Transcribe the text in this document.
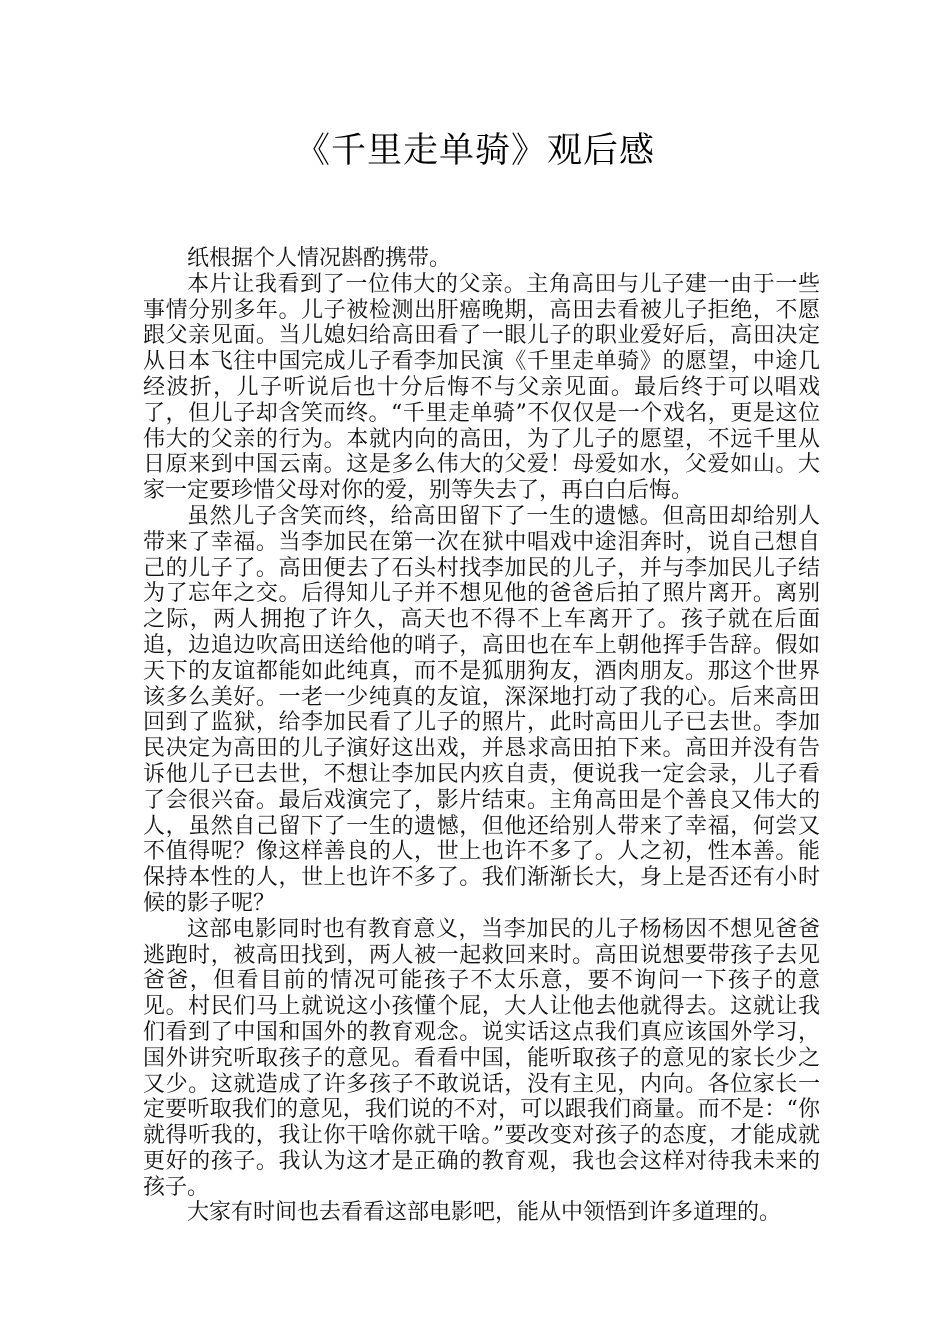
《千里走单骑》观后感

纸根据个人情况斟酌携带。

本片让我看到了一位伟大的父亲。主角高田与儿子建一由于一些事情分别多年。儿子被检测出肝癌晚期，高田去看被儿子拒绝，不愿跟父亲见面。当儿媳妇给高田看了一眼儿子的职业爱好后，高田决定从日本飞往中国完成儿子看李加民演《千里走单骑》的愿望，中途几经波折，儿子听说后也十分后悔不与父亲见面。最后终于可以唱戏了，但儿子却含笑而终。“千里走单骑”不仅仅是一个戏名，更是这位伟大的父亲的行为。本就内向的高田，为了儿子的愿望，不远千里从日原来到中国云南。这是多么伟大的父爱！母爱如水，父爱如山。大家一定要珍惜父母对你的爱，别等失去了，再白白后悔。

虽然儿子含笑而终，给高田留下了一生的遗憾。但高田却给别人带来了幸福。当李加民在第一次在狱中唱戏中途泪奔时，说自己想自己的儿子了。高田便去了石头村找李加民的儿子，并与李加民儿子结为了忘年之交。后得知儿子并不想见他的爸爸后拍了照片离开。离别之际，两人拥抱了许久，高天也不得不上车离开了。孩子就在后面追，边追边吹高田送给他的哨子，高田也在车上朝他挥手告辞。假如天下的友谊都能如此纯真，而不是狐朋狗友，酒肉朋友。那这个世界该多么美好。一老一少纯真的友谊，深深地打动了我的心。后来高田回到了监狱，给李加民看了儿子的照片，此时高田儿子已去世。李加民决定为高田的儿子演好这出戏，并恳求高田拍下来。高田并没有告诉他儿子已去世，不想让李加民内疚自责，便说我一定会录，儿子看了会很兴奋。最后戏演完了，影片结束。主角高田是个善良又伟大的人，虽然自己留下了一生的遗憾，但他还给别人带来了幸福，何尝又不值得呢？像这样善良的人，世上也许不多了。人之初，性本善。能保持本性的人，世上也许不多了。我们渐渐长大，身上是否还有小时候的影子呢？

这部电影同时也有教育意义，当李加民的儿子杨杨因不想见爸爸逃跑时，被高田找到，两人被一起救回来时。高田说想要带孩子去见爸爸，但看目前的情况可能孩子不太乐意，要不询问一下孩子的意见。村民们马上就说这小孩懂个屁，大人让他去他就得去。这就让我们看到了中国和国外的教育观念。说实话这点我们真应该国外学习，国外讲究听取孩子的意见。看看中国，能听取孩子的意见的家长少之又少。这就造成了许多孩子不敢说话，没有主见，内向。各位家长一定要听取我们的意见，我们说的不对，可以跟我们商量。而不是：“你就得听我的，我让你干啥你就干啥。”要改变对孩子的态度，才能成就更好的孩子。我认为这才是正确的教育观，我也会这样对待我未来的孩子。

大家有时间也去看看这部电影吧，能从中领悟到许多道理的。
